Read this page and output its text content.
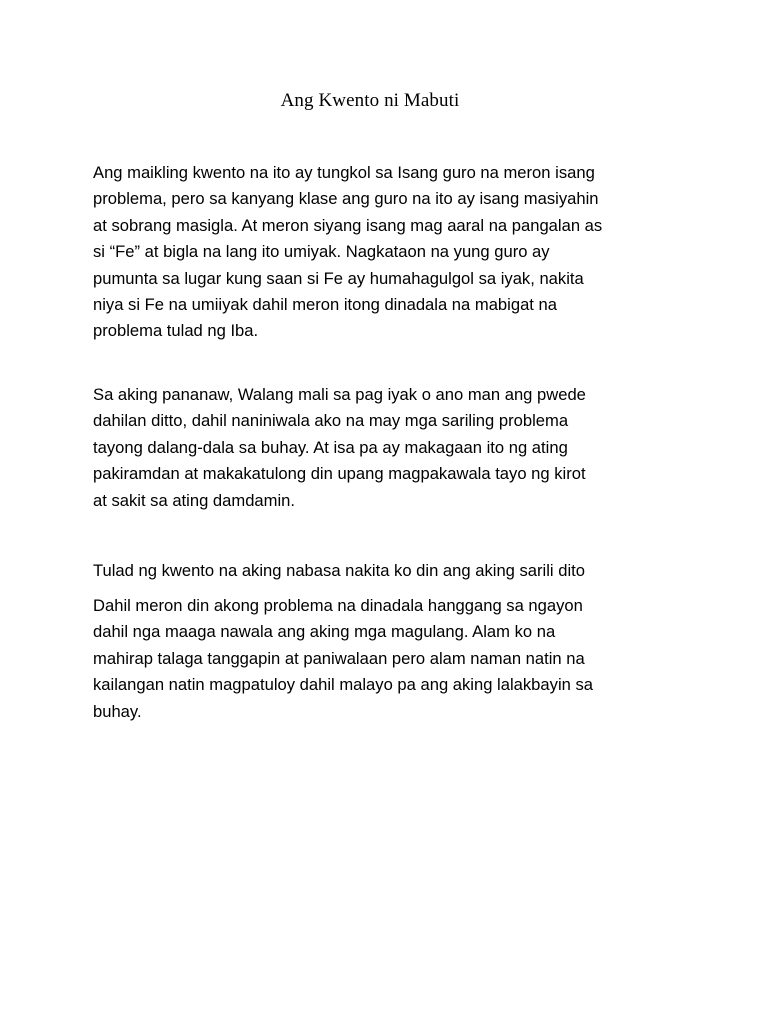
Ang Kwento ni Mabuti
Ang maikling kwento na ito ay tungkol sa Isang guro na meron isang
problema, pero sa kanyang klase ang guro na ito ay isang masiyahin
at sobrang masigla. At meron siyang isang mag aaral na pangalan as
si “Fe” at bigla na lang ito umiyak. Nagkataon na yung guro ay
pumunta sa lugar kung saan si Fe ay humahagulgol sa iyak, nakita
niya si Fe na umiiyak dahil meron itong dinadala na mabigat na
problema tulad ng Iba.
Sa aking pananaw, Walang mali sa pag iyak o ano man ang pwede
dahilan ditto, dahil naniniwala ako na may mga sariling problema
tayong dalang-dala sa buhay. At isa pa ay makagaan ito ng ating
pakiramdan at makakatulong din upang magpakawala tayo ng kirot
at sakit sa ating damdamin.
Tulad ng kwento na aking nabasa nakita ko din ang aking sarili dito
Dahil meron din akong problema na dinadala hanggang sa ngayon
dahil nga maaga nawala ang aking mga magulang. Alam ko na
mahirap talaga tanggapin at paniwalaan pero alam naman natin na
kailangan natin magpatuloy dahil malayo pa ang aking lalakbayin sa
buhay.
